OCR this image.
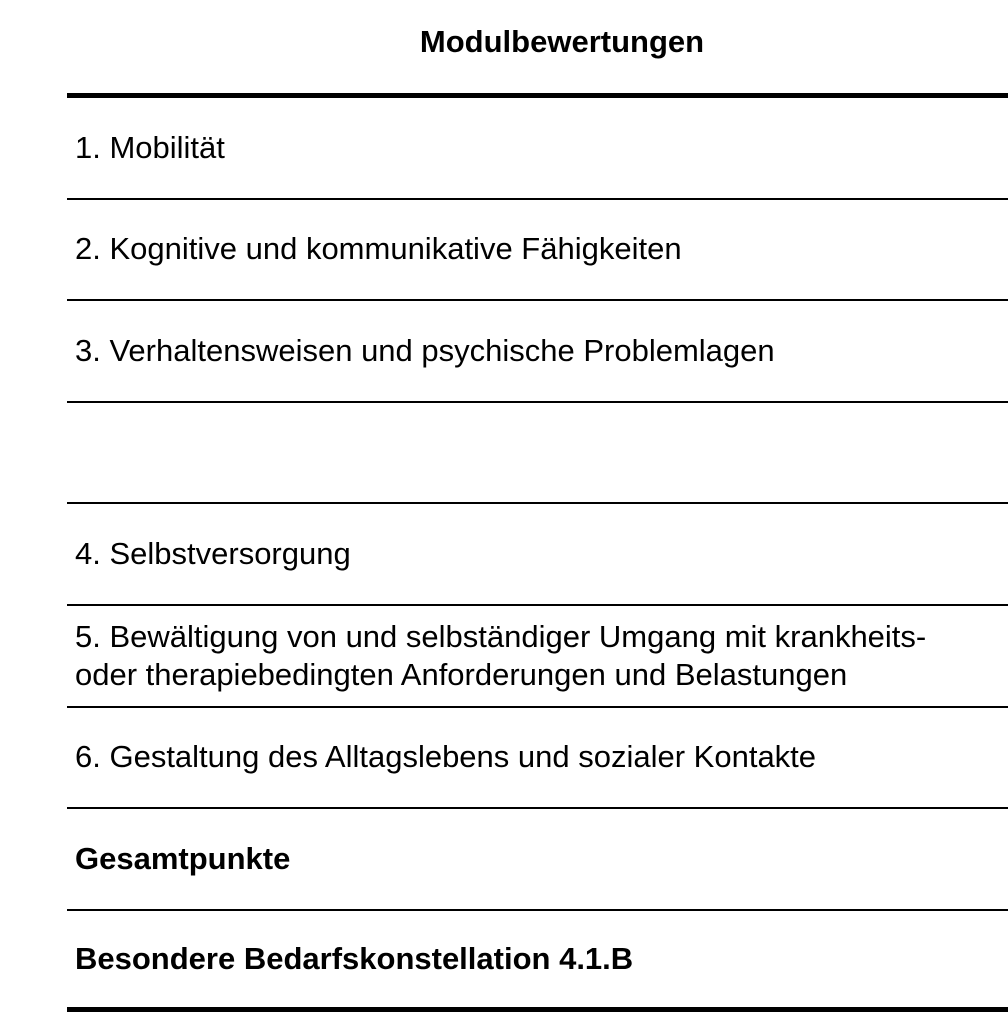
Modulbewertungen
1. Mobilität
2. Kognitive und kommunikative Fähigkeiten
3. Verhaltensweisen und psychische Problemlagen
4. Selbstversorgung
5. Bewältigung von und selbständiger Umgang mit krankheits-
oder therapiebedingten Anforderungen und Belastungen
6. Gestaltung des Alltagslebens und sozialer Kontakte
Gesamtpunkte
Besondere Bedarfskonstellation 4.1.B
